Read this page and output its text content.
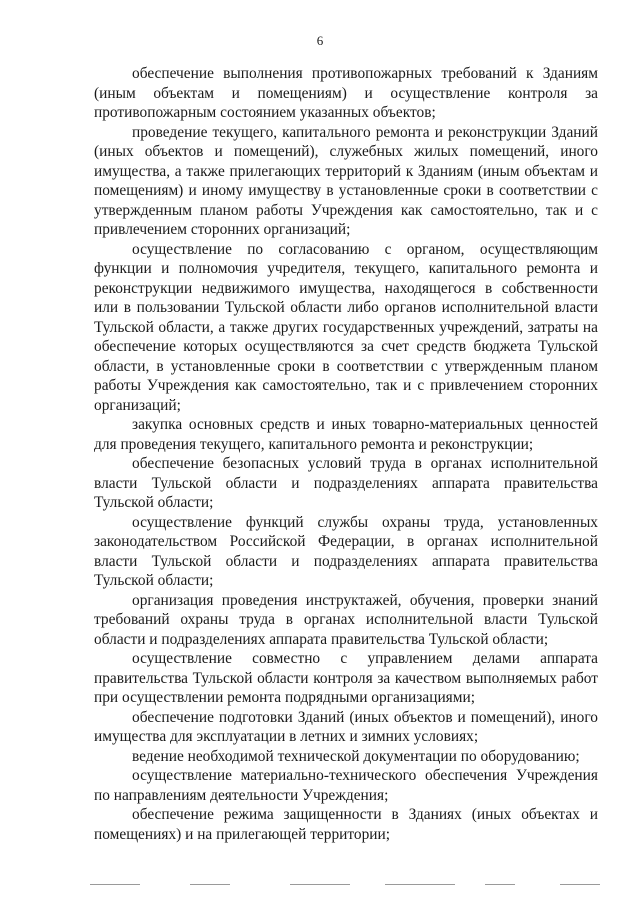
6

обеспечение выполнения противопожарных требований к Зданиям (иным объектам и помещениям) и осуществление контроля за противопожарным состоянием указанных объектов;

проведение текущего, капитального ремонта и реконструкции Зданий (иных объектов и помещений), служебных жилых помещений, иного имущества, а также прилегающих территорий к Зданиям (иным объектам и помещениям) и иному имуществу в установленные сроки в соответствии с утвержденным планом работы Учреждения как самостоятельно, так и с привлечением сторонних организаций;

осуществление по согласованию с органом, осуществляющим функции и полномочия учредителя, текущего, капитального ремонта и реконструкции недвижимого имущества, находящегося в собственности или в пользовании Тульской области либо органов исполнительной власти Тульской области, а также других государственных учреждений, затраты на обеспечение которых осуществляются за счет средств бюджета Тульской области, в установленные сроки в соответствии с утвержденным планом работы Учреждения как самостоятельно, так и с привлечением сторонних организаций;

закупка основных средств и иных товарно-материальных ценностей для проведения текущего, капитального ремонта и реконструкции;

обеспечение безопасных условий труда в органах исполнительной власти Тульской области и подразделениях аппарата правительства Тульской области;

осуществление функций службы охраны труда, установленных законодательством Российской Федерации, в органах исполнительной власти Тульской области и подразделениях аппарата правительства Тульской области;

организация проведения инструктажей, обучения, проверки знаний требований охраны труда в органах исполнительной власти Тульской области и подразделениях аппарата правительства Тульской области;

осуществление совместно с управлением делами аппарата правительства Тульской области контроля за качеством выполняемых работ при осуществлении ремонта подрядными организациями;

обеспечение подготовки Зданий (иных объектов и помещений), иного имущества для эксплуатации в летних и зимних условиях;

ведение необходимой технической документации по оборудованию;

осуществление материально-технического обеспечения Учреждения по направлениям деятельности Учреждения;

обеспечение режима защищенности в Зданиях (иных объектах и помещениях) и на прилегающей территории;
